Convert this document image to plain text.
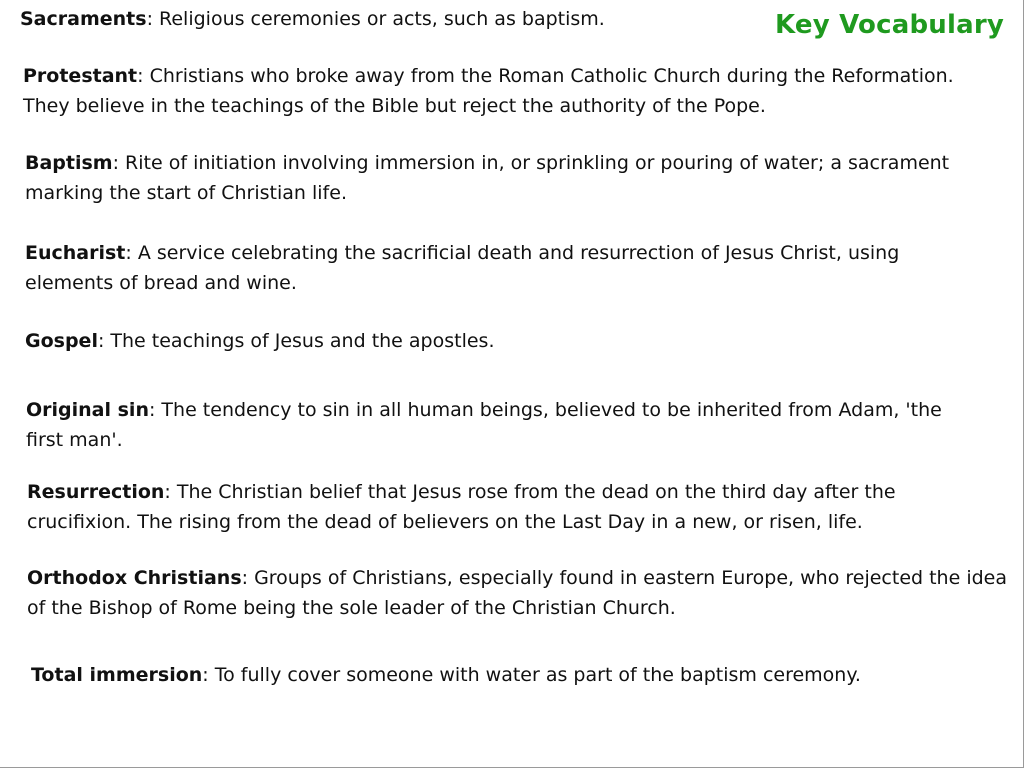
Key Vocabulary

Sacraments: Religious ceremonies or acts, such as baptism.

Protestant: Christians who broke away from the Roman Catholic Church during the Reformation. They believe in the teachings of the Bible but reject the authority of the Pope.

Baptism: Rite of initiation involving immersion in, or sprinkling or pouring of water; a sacrament marking the start of Christian life.

Eucharist: A service celebrating the sacrificial death and resurrection of Jesus Christ, using elements of bread and wine.

Gospel: The teachings of Jesus and the apostles.

Original sin: The tendency to sin in all human beings, believed to be inherited from Adam, 'the first man'.

Resurrection: The Christian belief that Jesus rose from the dead on the third day after the crucifixion. The rising from the dead of believers on the Last Day in a new, or risen, life.

Orthodox Christians: Groups of Christians, especially found in eastern Europe, who rejected the idea of the Bishop of Rome being the sole leader of the Christian Church.

Total immersion: To fully cover someone with water as part of the baptism ceremony.
